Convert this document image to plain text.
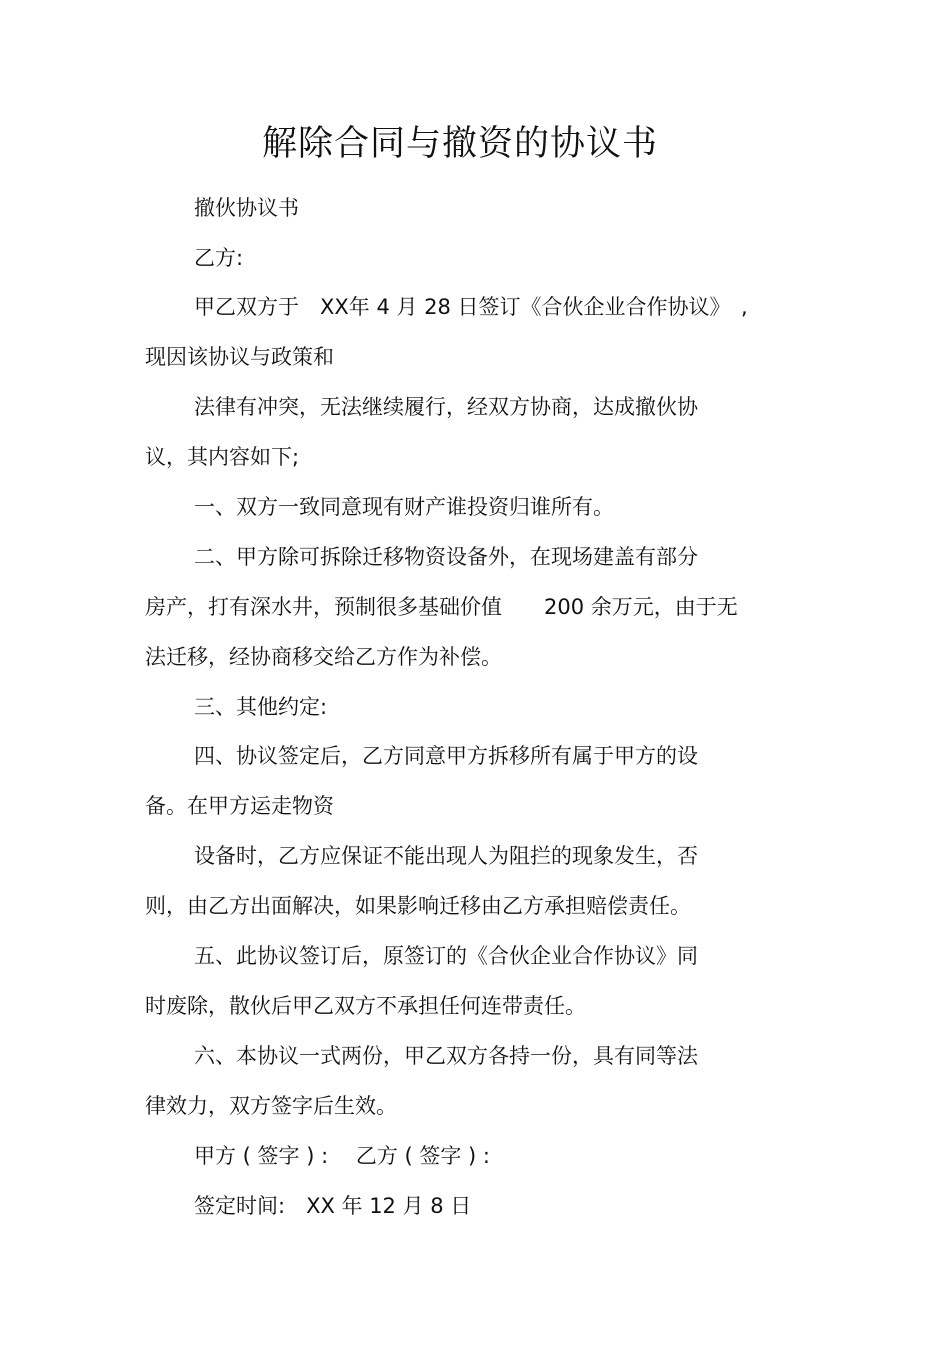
解除合同与撤资的协议书
撤伙协议书
乙方:
甲乙双方于　XX年 4 月 28 日签订《合伙企业合作协议》　,
现因该协议与政策和
法律有冲突，无法继续履行，经双方协商，达成撤伙协
议，其内容如下;
一、双方一致同意现有财产谁投资归谁所有。
二、甲方除可拆除迁移物资设备外，在现场建盖有部分
房产，打有深水井，预制很多基础价值　　200 余万元，由于无
法迁移，经协商移交给乙方作为补偿。
三、其他约定:
四、协议签定后，乙方同意甲方拆移所有属于甲方的设
备。在甲方运走物资
设备时，乙方应保证不能出现人为阻拦的现象发生，否
则，由乙方出面解决，如果影响迁移由乙方承担赔偿责任。
五、此协议签订后，原签订的《合伙企业合作协议》同
时废除，散伙后甲乙双方不承担任何连带责任。
六、本协议一式两份，甲乙双方各持一份，具有同等法
律效力，双方签字后生效。
甲方 ( 签字 ) :　 乙方 ( 签字 ) :
签定时间:　XX 年 12 月 8 日
